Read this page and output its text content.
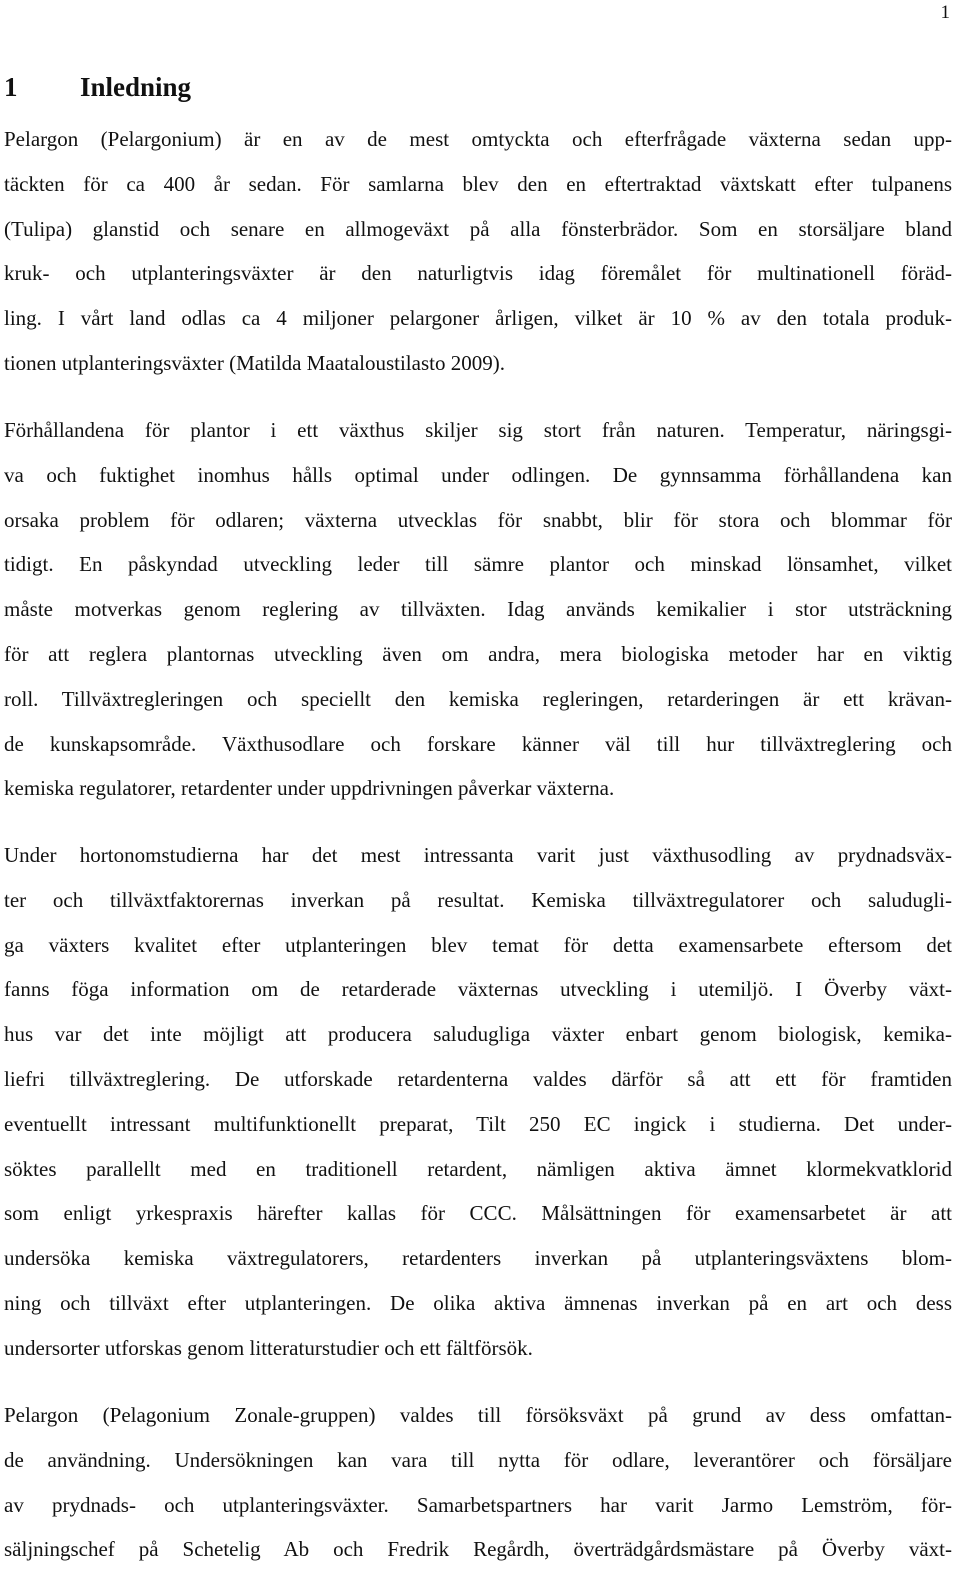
1
1 Inledning
Pelargon (Pelargonium) är en av de mest omtyckta och efterfrågade växterna sedan upp-
täckten för ca 400 år sedan. För samlarna blev den en eftertraktad växtskatt efter tulpanens
(Tulipa) glanstid och senare en allmogeväxt på alla fönsterbrädor. Som en storsäljare bland
kruk- och utplanteringsväxter är den naturligtvis idag föremålet för multinationell föräd-
ling. I vårt land odlas ca 4 miljoner pelargoner årligen, vilket är 10 % av den totala produk-
tionen utplanteringsväxter (Matilda Maataloustilasto 2009).
Förhållandena för plantor i ett växthus skiljer sig stort från naturen. Temperatur, näringsgi-
va och fuktighet inomhus hålls optimal under odlingen. De gynnsamma förhållandena kan
orsaka problem för odlaren; växterna utvecklas för snabbt, blir för stora och blommar för
tidigt. En påskyndad utveckling leder till sämre plantor och minskad lönsamhet, vilket
måste motverkas genom reglering av tillväxten. Idag används kemikalier i stor utsträckning
för att reglera plantornas utveckling även om andra, mera biologiska metoder har en viktig
roll. Tillväxtregleringen och speciellt den kemiska regleringen, retarderingen är ett krävan-
de kunskapsområde. Växthusodlare och forskare känner väl till hur tillväxtreglering och
kemiska regulatorer, retardenter under uppdrivningen påverkar växterna.
Under hortonomstudierna har det mest intressanta varit just växthusodling av prydnadsväx-
ter och tillväxtfaktorernas inverkan på resultat. Kemiska tillväxtregulatorer och saludugli-
ga växters kvalitet efter utplanteringen blev temat för detta examensarbete eftersom det
fanns föga information om de retarderade växternas utveckling i utemiljö. I Överby växt-
hus var det inte möjligt att producera saludugliga växter enbart genom biologisk, kemika-
liefri tillväxtreglering. De utforskade retardenterna valdes därför så att ett för framtiden
eventuellt intressant multifunktionellt preparat, Tilt 250 EC ingick i studierna. Det under-
söktes parallellt med en traditionell retardent, nämligen aktiva ämnet klormekvatklorid
som enligt yrkespraxis härefter kallas för CCC. Målsättningen för examensarbetet är att
undersöka kemiska växtregulatorers, retardenters inverkan på utplanteringsväxtens blom-
ning och tillväxt efter utplanteringen. De olika aktiva ämnenas inverkan på en art och dess
undersorter utforskas genom litteraturstudier och ett fältförsök.
Pelargon (Pelagonium Zonale-gruppen) valdes till försöksväxt på grund av dess omfattan-
de användning. Undersökningen kan vara till nytta för odlare, leverantörer och försäljare
av prydnads- och utplanteringsväxter. Samarbetspartners har varit Jarmo Lemström, för-
säljningschef på Schetelig Ab och Fredrik Regårdh, överträdgårdsmästare på Överby växt-
